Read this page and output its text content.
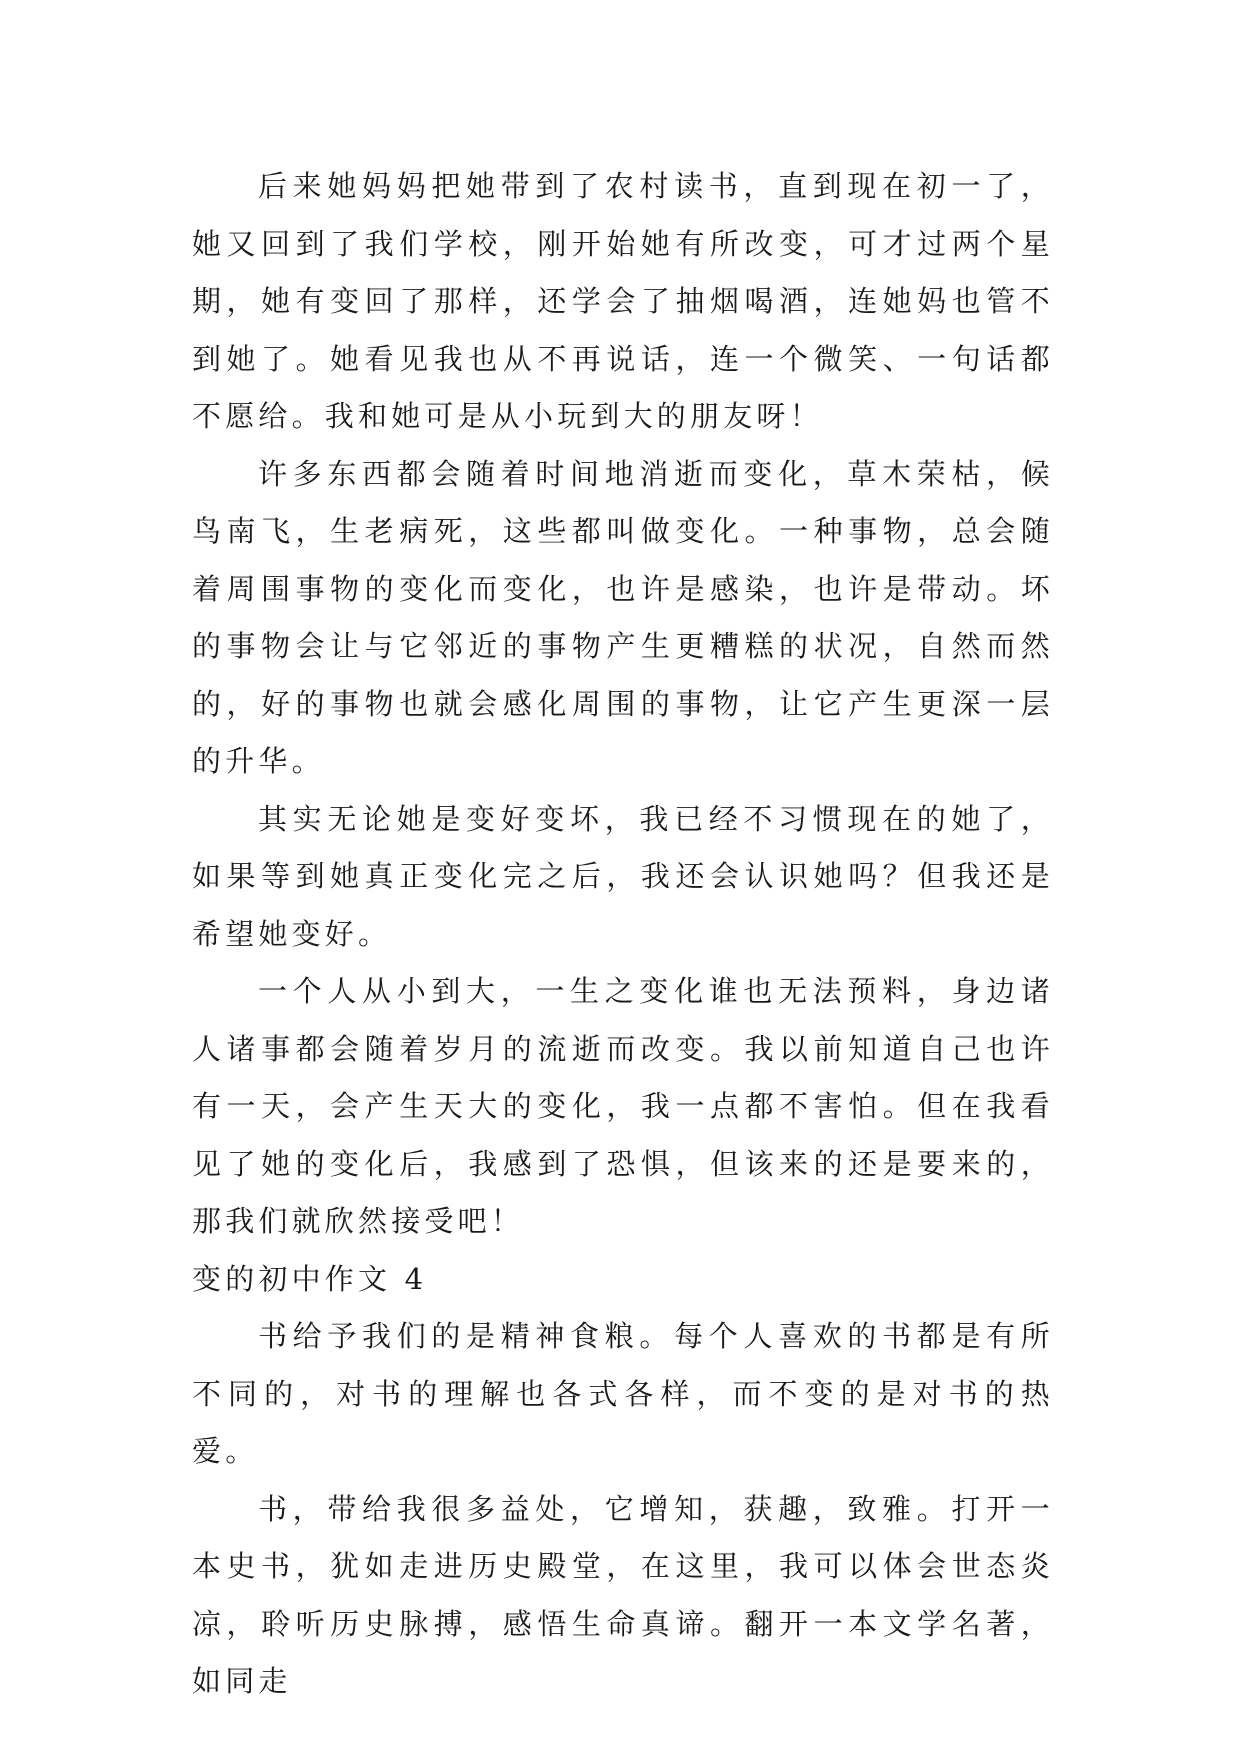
后来她妈妈把她带到了农村读书，直到现在初一了，她又回到了我们学校，刚开始她有所改变，可才过两个星期，她有变回了那样，还学会了抽烟喝酒，连她妈也管不到她了。她看见我也从不再说话，连一个微笑、一句话都不愿给。我和她可是从小玩到大的朋友呀！

许多东西都会随着时间地消逝而变化，草木荣枯，候鸟南飞，生老病死，这些都叫做变化。一种事物，总会随着周围事物的变化而变化，也许是感染，也许是带动。坏的事物会让与它邻近的事物产生更糟糕的状况，自然而然的，好的事物也就会感化周围的事物，让它产生更深一层的升华。

其实无论她是变好变坏，我已经不习惯现在的她了，如果等到她真正变化完之后，我还会认识她吗？但我还是希望她变好。

一个人从小到大，一生之变化谁也无法预料，身边诸人诸事都会随着岁月的流逝而改变。我以前知道自己也许有一天，会产生天大的变化，我一点都不害怕。但在我看见了她的变化后，我感到了恐惧，但该来的还是要来的，那我们就欣然接受吧！

变的初中作文 4

书给予我们的是精神食粮。每个人喜欢的书都是有所不同的，对书的理解也各式各样，而不变的是对书的热爱。

书，带给我很多益处，它增知，获趣，致雅。打开一本史书，犹如走进历史殿堂，在这里，我可以体会世态炎凉，聆听历史脉搏，感悟生命真谛。翻开一本文学名著，如同走
